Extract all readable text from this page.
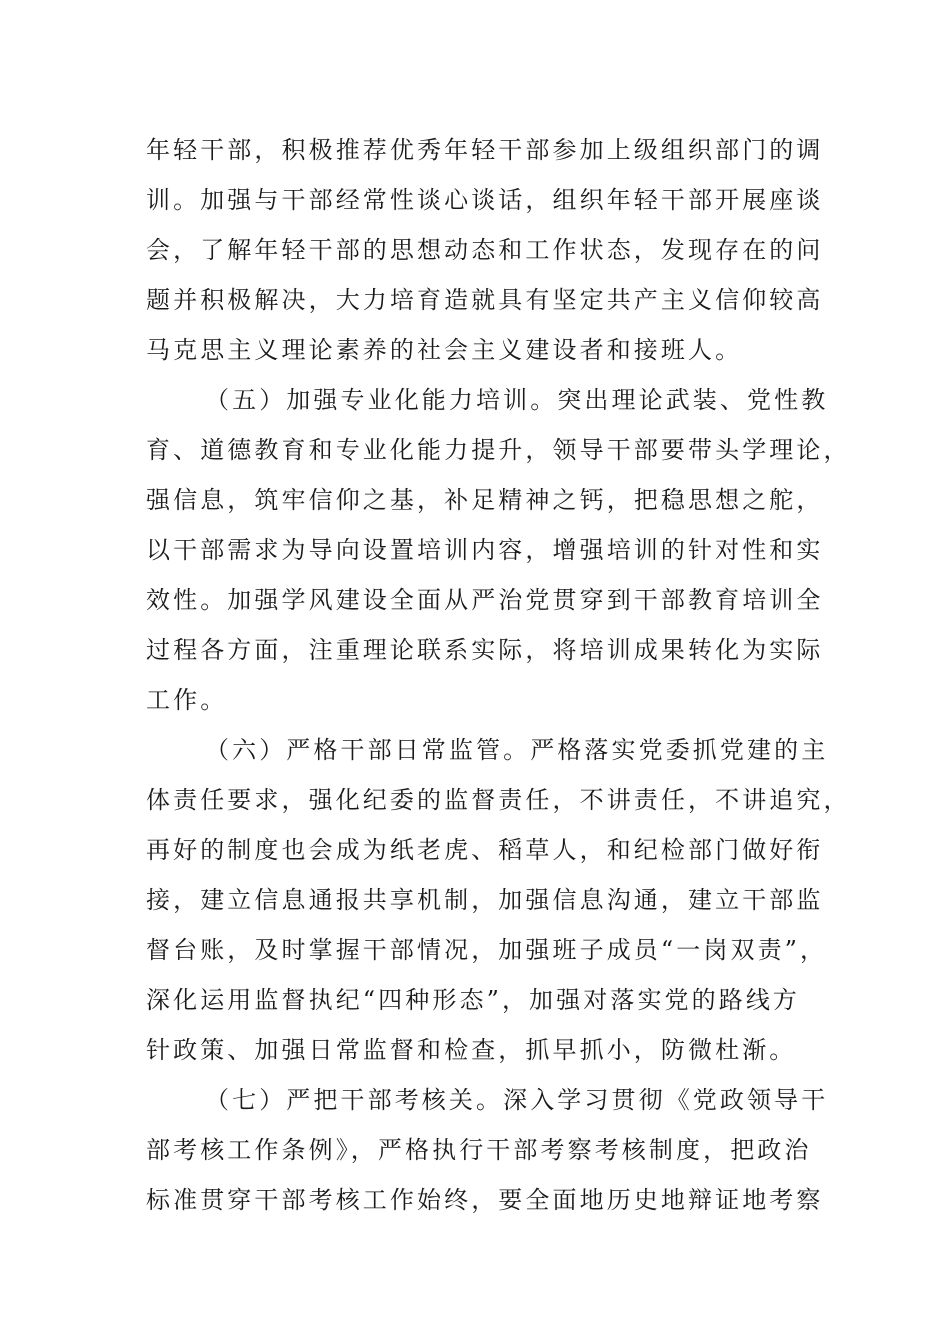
年轻干部，积极推荐优秀年轻干部参加上级组织部门的调
训。加强与干部经常性谈心谈话，组织年轻干部开展座谈
会，了解年轻干部的思想动态和工作状态，发现存在的问
题并积极解决，大力培育造就具有坚定共产主义信仰较高
马克思主义理论素养的社会主义建设者和接班人。
（五）加强专业化能力培训。突出理论武装、党性教
育、道德教育和专业化能力提升，领导干部要带头学理论，
强信息，筑牢信仰之基，补足精神之钙，把稳思想之舵，
以干部需求为导向设置培训内容，增强培训的针对性和实
效性。加强学风建设全面从严治党贯穿到干部教育培训全
过程各方面，注重理论联系实际，将培训成果转化为实际
工作。
（六）严格干部日常监管。严格落实党委抓党建的主
体责任要求，强化纪委的监督责任，不讲责任，不讲追究，
再好的制度也会成为纸老虎、稻草人，和纪检部门做好衔
接，建立信息通报共享机制，加强信息沟通，建立干部监
督台账，及时掌握干部情况，加强班子成员“一岗双责”，
深化运用监督执纪“四种形态”，加强对落实党的路线方
针政策、加强日常监督和检查，抓早抓小，防微杜渐。
（七）严把干部考核关。深入学习贯彻《党政领导干
部考核工作条例》，严格执行干部考察考核制度，把政治
标准贯穿干部考核工作始终，要全面地历史地辩证地考察
